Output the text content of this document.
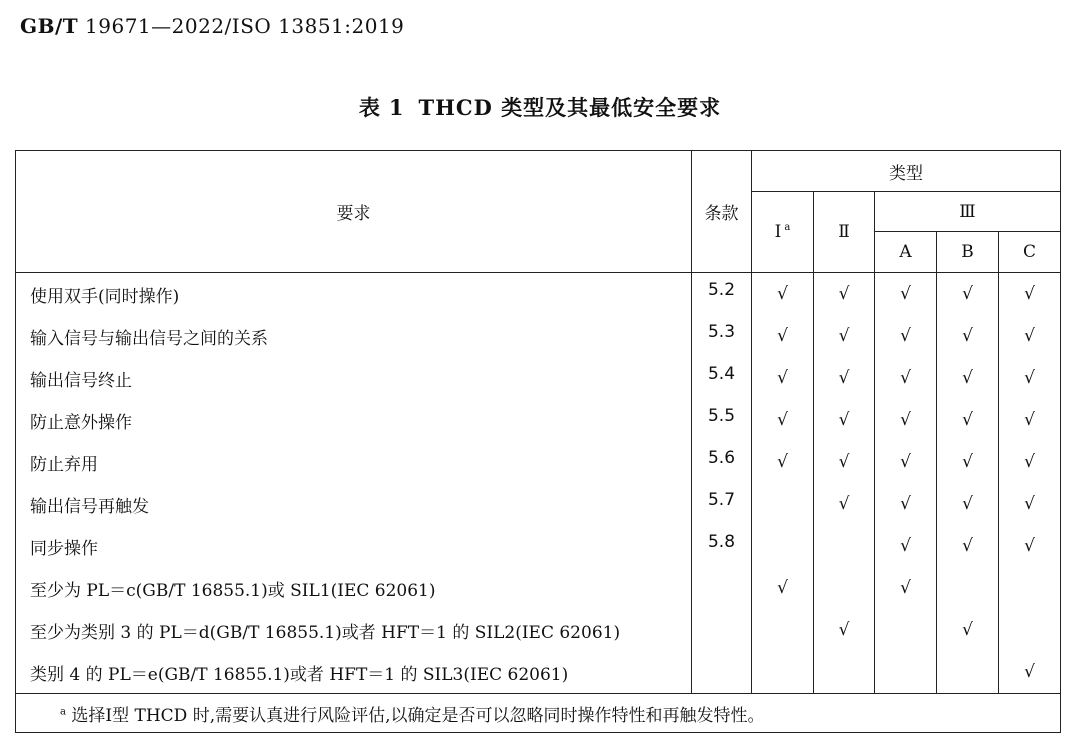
GB/T 19671—2022/ISO 13851:2019
表 1 THCD 类型及其最低安全要求
要求	条款	类型				
		Ⅰ $^a$	Ⅱ	Ⅲ		
				A	B	C
使用双手(同时操作)	5.2	√	√	√	√	√
输入信号与输出信号之间的关系	5.3	√	√	√	√	√
输出信号终止	5.4	√	√	√	√	√
防止意外操作	5.5	√	√	√	√	√
防止弃用	5.6	√	√	√	√	√
输出信号再触发	5.7		√	√	√	√
同步操作	5.8			√	√	√
至少为 PL＝c(GB/T 16855.1)或 SIL1(IEC 62061)		√		√		
至少为类别 3 的 PL＝d(GB/T 16855.1)或者 HFT＝1 的 SIL2(IEC 62061)			√		√	
类别 4 的 PL＝e(GB/T 16855.1)或者 HFT＝1 的 SIL3(IEC 62061)						√
$^a$ 选择Ⅰ型 THCD 时,需要认真进行风险评估,以确定是否可以忽略同时操作特性和再触发特性。						
